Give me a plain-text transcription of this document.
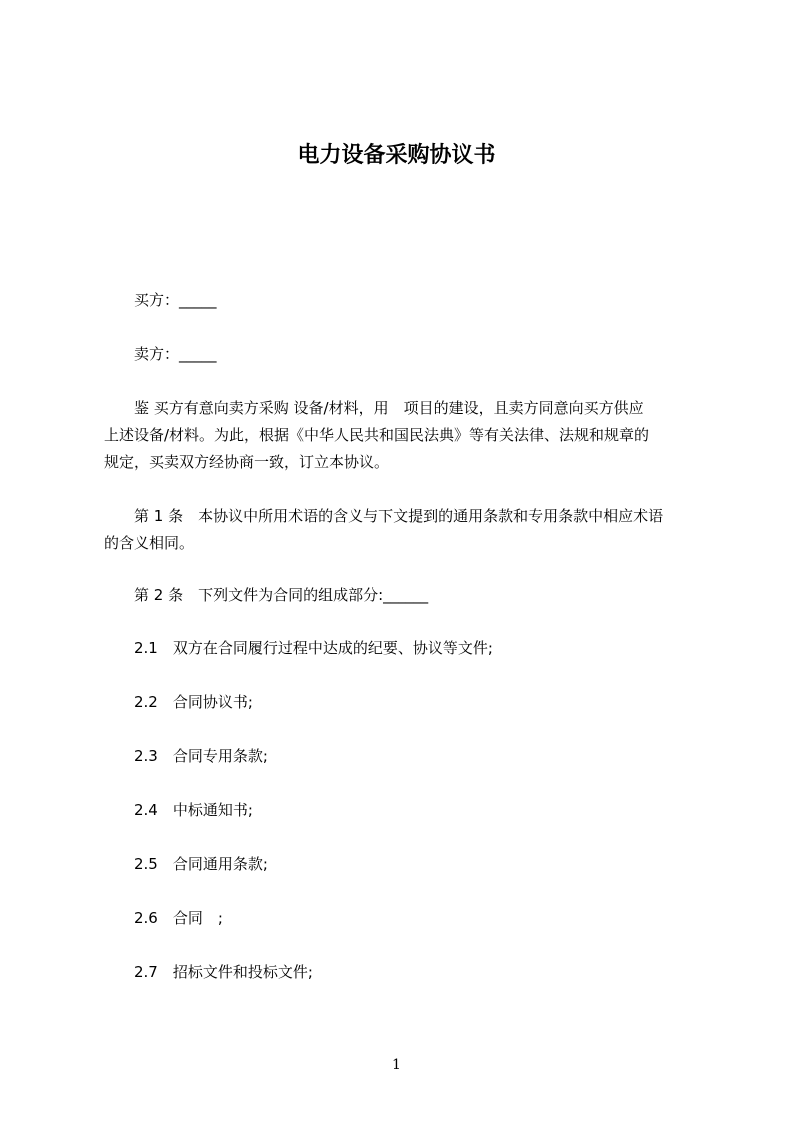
电力设备采购协议书

　　买方：_____

　　卖方：_____

　　鉴 买方有意向卖方采购 设备/材料，用　项目的建设，且卖方同意向买方供应
上述设备/材料。为此，根据《中华人民共和国民法典》等有关法律、法规和规章的
规定，买卖双方经协商一致，订立本协议。

　　第 1 条　本协议中所用术语的含义与下文提到的通用条款和专用条款中相应术语
的含义相同。

　　第 2 条　下列文件为合同的组成部分:______

　　2.1　双方在合同履行过程中达成的纪要、协议等文件;

　　2.2　合同协议书;

　　2.3　合同专用条款;

　　2.4　中标通知书;

　　2.5　合同通用条款;

　　2.6　合同　;

　　2.7　招标文件和投标文件;

1
